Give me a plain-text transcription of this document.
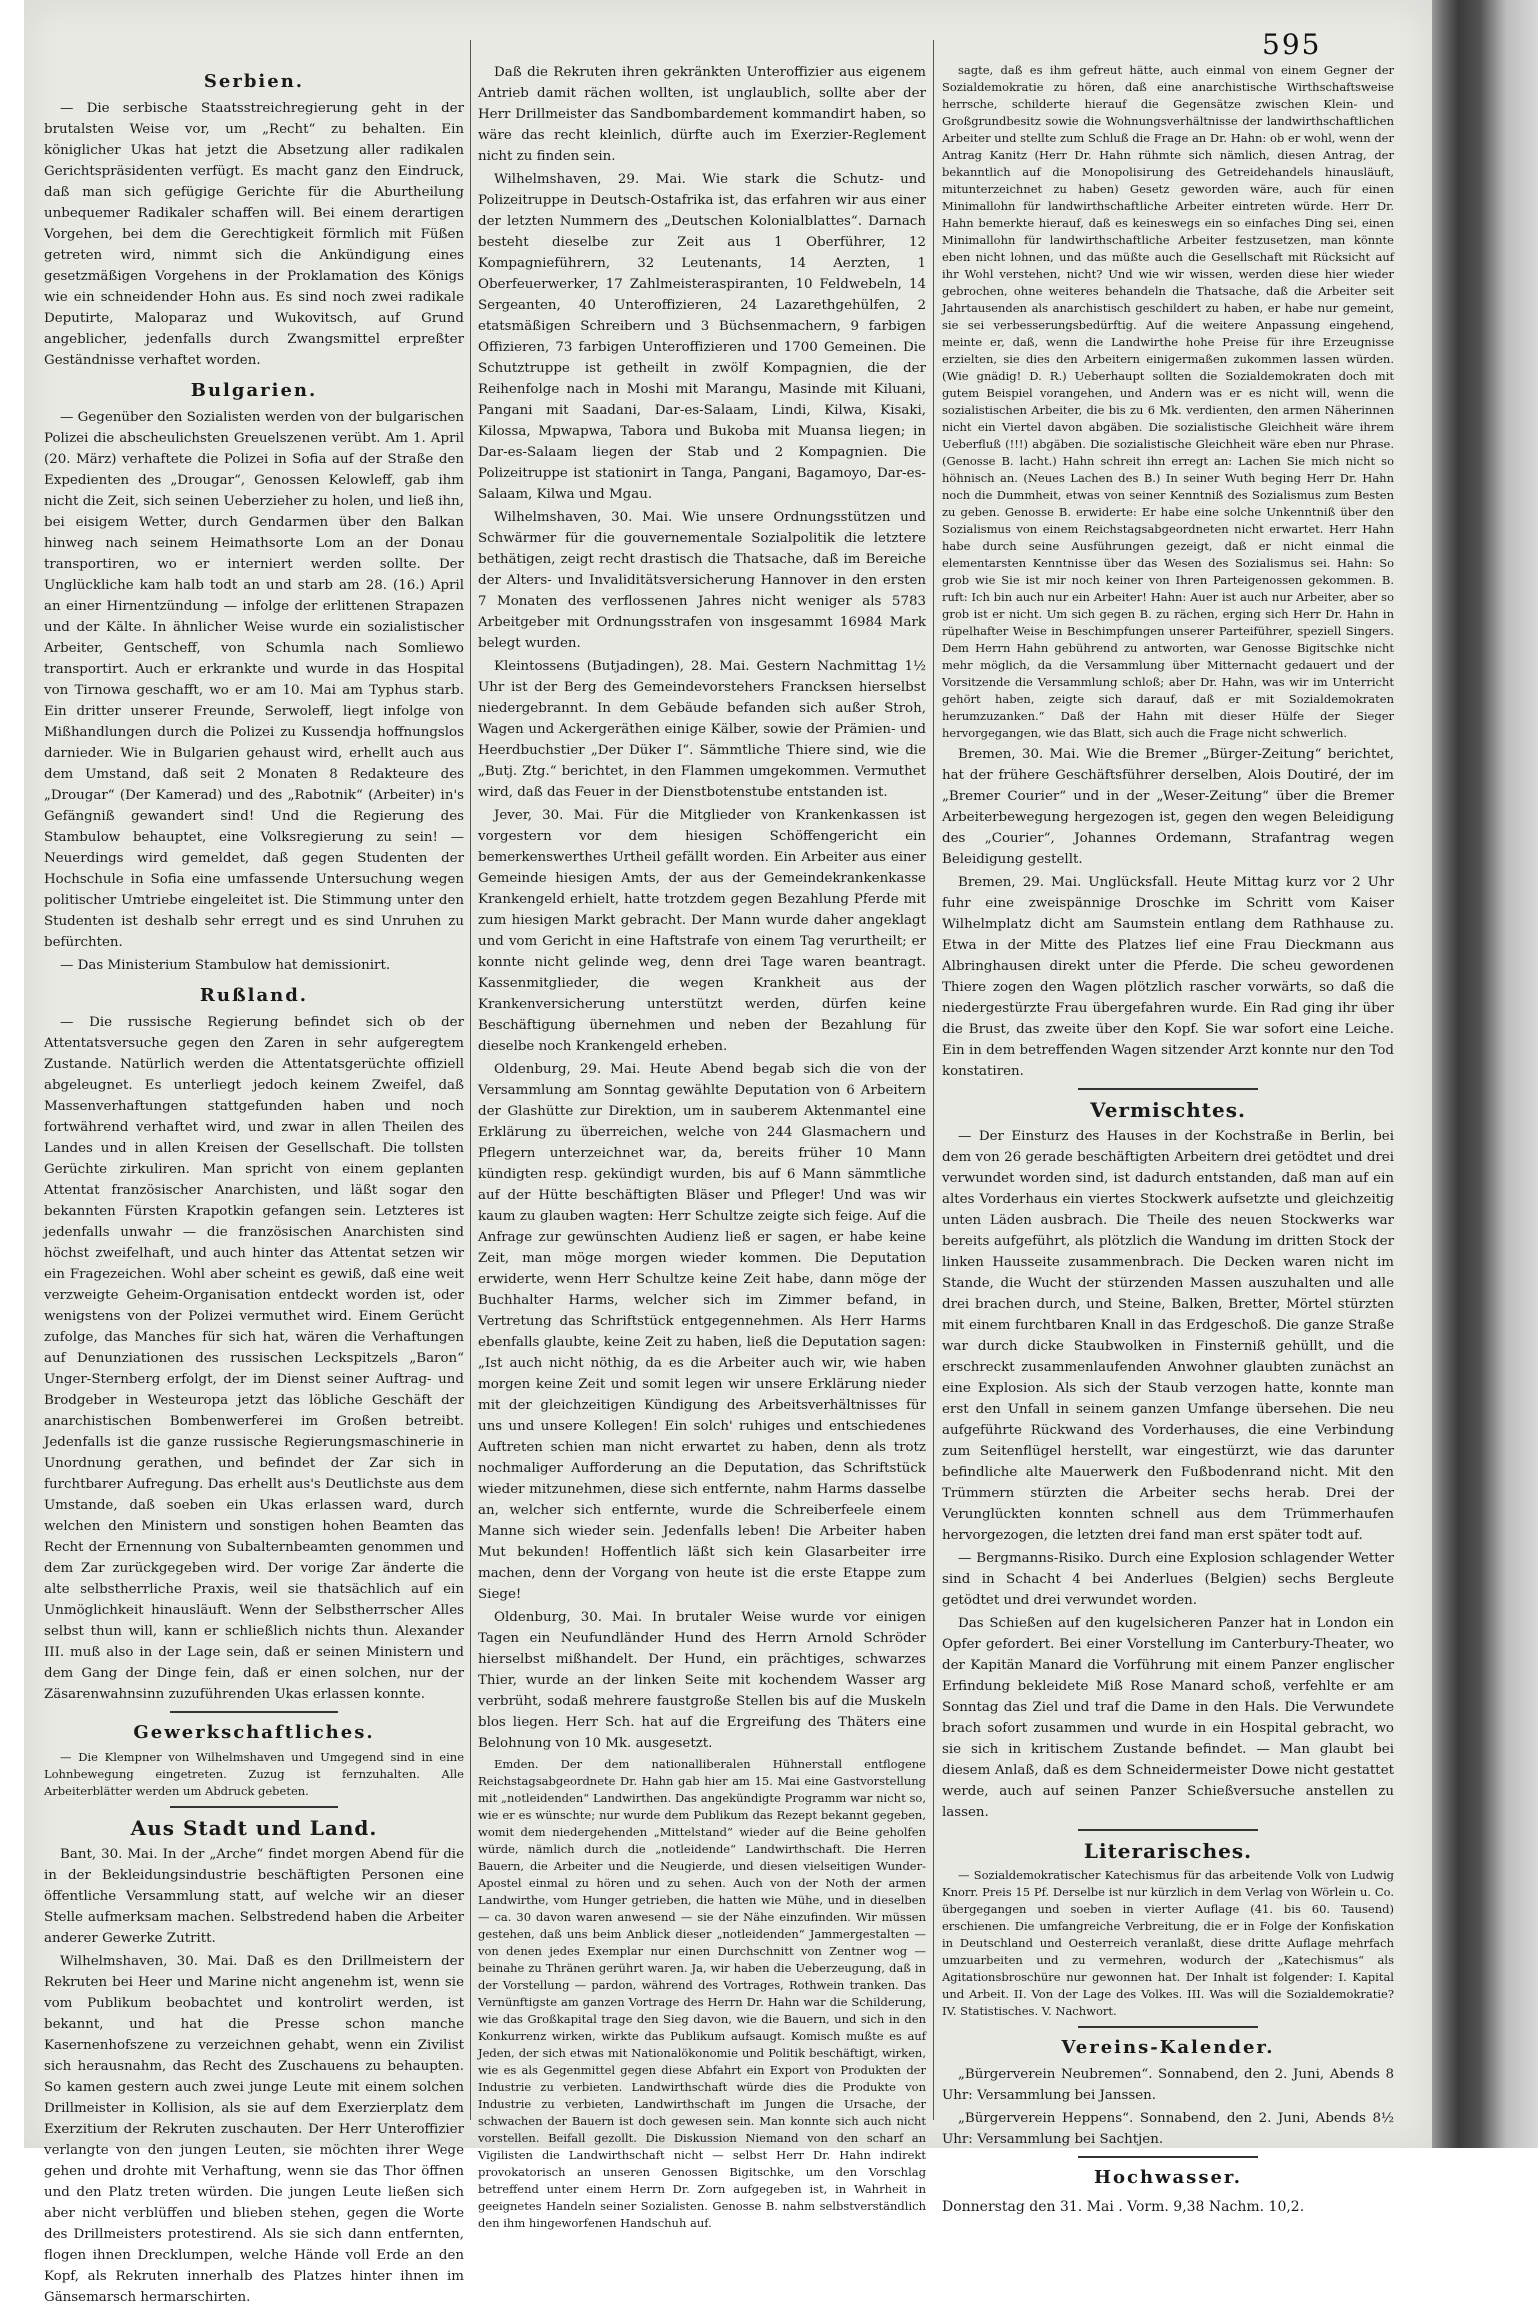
595
Serbien.

— Die serbische Staatsstreichregierung geht in der brutalsten Weise vor, um „Recht“ zu behalten. Ein königlicher Ukas hat jetzt die Absetzung aller radikalen Gerichtspräsidenten verfügt. Es macht ganz den Eindruck, daß man sich gefügige Gerichte für die Aburtheilung unbequemer Radikaler schaffen will. Bei einem derartigen Vorgehen, bei dem die Gerechtigkeit förmlich mit Füßen getreten wird, nimmt sich die Ankündigung eines gesetzmäßigen Vorgehens in der Proklamation des Königs wie ein schneidender Hohn aus. Es sind noch zwei radikale Deputirte, Maloparaz und Wukovitsch, auf Grund angeblicher, jedenfalls durch Zwangsmittel erpreßter Geständnisse verhaftet worden.

Bulgarien.

— Gegenüber den Sozialisten werden von der bulgarischen Polizei die abscheulichsten Greuelszenen verübt. Am 1. April (20. März) verhaftete die Polizei in Sofia auf der Straße den Expedienten des „Drougar“, Genossen Kelowleff, gab ihm nicht die Zeit, sich seinen Ueberzieher zu holen, und ließ ihn, bei eisigem Wetter, durch Gendarmen über den Balkan hinweg nach seinem Heimathsorte Lom an der Donau transportiren, wo er interniert werden sollte. Der Unglückliche kam halb todt an und starb am 28. (16.) April an einer Hirnentzündung — infolge der erlittenen Strapazen und der Kälte. In ähnlicher Weise wurde ein sozialistischer Arbeiter, Gentscheff, von Schumla nach Somliewo transportirt. Auch er erkrankte und wurde in das Hospital von Tirnowa geschafft, wo er am 10. Mai am Typhus starb. Ein dritter unserer Freunde, Serwoleff, liegt infolge von Mißhandlungen durch die Polizei zu Kussendja hoffnungslos darnieder. Wie in Bulgarien gehaust wird, erhellt auch aus dem Umstand, daß seit 2 Monaten 8 Redakteure des „Drougar“ (Der Kamerad) und des „Rabotnik“ (Arbeiter) in's Gefängniß gewandert sind! Und die Regierung des Stambulow behauptet, eine Volksregierung zu sein! — Neuerdings wird gemeldet, daß gegen Studenten der Hochschule in Sofia eine umfassende Untersuchung wegen politischer Umtriebe eingeleitet ist. Die Stimmung unter den Studenten ist deshalb sehr erregt und es sind Unruhen zu befürchten.

— Das Ministerium Stambulow hat demissionirt.

Rußland.

— Die russische Regierung befindet sich ob der Attentatsversuche gegen den Zaren in sehr aufgeregtem Zustande. Natürlich werden die Attentatsgerüchte offiziell abgeleugnet. Es unterliegt jedoch keinem Zweifel, daß Massenverhaftungen stattgefunden haben und noch fortwährend verhaftet wird, und zwar in allen Theilen des Landes und in allen Kreisen der Gesellschaft. Die tollsten Gerüchte zirkuliren. Man spricht von einem geplanten Attentat französischer Anarchisten, und läßt sogar den bekannten Fürsten Krapotkin gefangen sein. Letzteres ist jedenfalls unwahr — die französischen Anarchisten sind höchst zweifelhaft, und auch hinter das Attentat setzen wir ein Fragezeichen. Wohl aber scheint es gewiß, daß eine weit verzweigte Geheim-Organisation entdeckt worden ist, oder wenigstens von der Polizei vermuthet wird. Einem Gerücht zufolge, das Manches für sich hat, wären die Verhaftungen auf Denunziationen des russischen Leckspitzels „Baron“ Unger-Sternberg erfolgt, der im Dienst seiner Auftrag- und Brodgeber in Westeuropa jetzt das löbliche Geschäft der anarchistischen Bombenwerferei im Großen betreibt. Jedenfalls ist die ganze russische Regierungsmaschinerie in Unordnung gerathen, und befindet der Zar sich in furchtbarer Aufregung. Das erhellt aus's Deutlichste aus dem Umstande, daß soeben ein Ukas erlassen ward, durch welchen den Ministern und sonstigen hohen Beamten das Recht der Ernennung von Subalternbeamten genommen und dem Zar zurückgegeben wird. Der vorige Zar änderte die alte selbstherrliche Praxis, weil sie thatsächlich auf ein Unmöglichkeit hinausläuft. Wenn der Selbstherrscher Alles selbst thun will, kann er schließlich nichts thun. Alexander III. muß also in der Lage sein, daß er seinen Ministern und dem Gang der Dinge fein, daß er einen solchen, nur der Zäsarenwahnsinn zuzuführenden Ukas erlassen konnte.

Gewerkschaftliches.

— Die Klempner von Wilhelmshaven und Umgegend sind in eine Lohnbewegung eingetreten. Zuzug ist fernzuhalten. Alle Arbeiterblätter werden um Abdruck gebeten.

Aus Stadt und Land.

Bant, 30. Mai. In der „Arche“ findet morgen Abend für die in der Bekleidungsindustrie beschäftigten Personen eine öffentliche Versammlung statt, auf welche wir an dieser Stelle aufmerksam machen. Selbstredend haben die Arbeiter anderer Gewerke Zutritt.

Wilhelmshaven, 30. Mai. Daß es den Drillmeistern der Rekruten bei Heer und Marine nicht angenehm ist, wenn sie vom Publikum beobachtet und kontrolirt werden, ist bekannt, und hat die Presse schon manche Kasernenhofszene zu verzeichnen gehabt, wenn ein Zivilist sich herausnahm, das Recht des Zuschauens zu behaupten. So kamen gestern auch zwei junge Leute mit einem solchen Drillmeister in Kollision, als sie auf dem Exerzierplatz dem Exerzitium der Rekruten zuschauten. Der Herr Unteroffizier verlangte von den jungen Leuten, sie möchten ihrer Wege gehen und drohte mit Verhaftung, wenn sie das Thor öffnen und den Platz treten würden. Die jungen Leute ließen sich aber nicht verblüffen und blieben stehen, gegen die Worte des Drillmeisters protestirend. Als sie sich dann entfernten, flogen ihnen Drecklumpen, welche Hände voll Erde an den Kopf, als Rekruten innerhalb des Platzes hinter ihnen im Gänsemarsch hermarschirten.

Daß die Rekruten ihren gekränkten Unteroffizier aus eigenem Antrieb damit rächen wollten, ist unglaublich, sollte aber der Herr Drillmeister das Sandbombardement kommandirt haben, so wäre das recht kleinlich, dürfte auch im Exerzier-Reglement nicht zu finden sein.

Wilhelmshaven, 29. Mai. Wie stark die Schutz- und Polizeitruppe in Deutsch-Ostafrika ist, das erfahren wir aus einer der letzten Nummern des „Deutschen Kolonialblattes“. Darnach besteht dieselbe zur Zeit aus 1 Oberführer, 12 Kompagnieführern, 32 Leutenants, 14 Aerzten, 1 Oberfeuerwerker, 17 Zahlmeisteraspiranten, 10 Feldwebeln, 14 Sergeanten, 40 Unteroffizieren, 24 Lazarethgehülfen, 2 etatsmäßigen Schreibern und 3 Büchsenmachern, 9 farbigen Offizieren, 73 farbigen Unteroffizieren und 1700 Gemeinen. Die Schutztruppe ist getheilt in zwölf Kompagnien, die der Reihenfolge nach in Moshi mit Marangu, Masinde mit Kiluani, Pangani mit Saadani, Dar-es-Salaam, Lindi, Kilwa, Kisaki, Kilossa, Mpwapwa, Tabora und Bukoba mit Muansa liegen; in Dar-es-Salaam liegen der Stab und 2 Kompagnien. Die Polizeitruppe ist stationirt in Tanga, Pangani, Bagamoyo, Dar-es-Salaam, Kilwa und Mgau.

Wilhelmshaven, 30. Mai. Wie unsere Ordnungsstützen und Schwärmer für die gouvernementale Sozialpolitik die letztere bethätigen, zeigt recht drastisch die Thatsache, daß im Bereiche der Alters- und Invaliditätsversicherung Hannover in den ersten 7 Monaten des verflossenen Jahres nicht weniger als 5783 Arbeitgeber mit Ordnungsstrafen von insgesammt 16984 Mark belegt wurden.

Kleintossens (Butjadingen), 28. Mai. Gestern Nachmittag 1½ Uhr ist der Berg des Gemeindevorstehers Francksen hierselbst niedergebrannt. In dem Gebäude befanden sich außer Stroh, Wagen und Ackergeräthen einige Kälber, sowie der Prämien- und Heerdbuchstier „Der Düker I“. Sämmtliche Thiere sind, wie die „Butj. Ztg.“ berichtet, in den Flammen umgekommen. Vermuthet wird, daß das Feuer in der Dienstbotenstube entstanden ist.

Jever, 30. Mai. Für die Mitglieder von Krankenkassen ist vorgestern vor dem hiesigen Schöffengericht ein bemerkenswerthes Urtheil gefällt worden. Ein Arbeiter aus einer Gemeinde hiesigen Amts, der aus der Gemeindekrankenkasse Krankengeld erhielt, hatte trotzdem gegen Bezahlung Pferde mit zum hiesigen Markt gebracht. Der Mann wurde daher angeklagt und vom Gericht in eine Haftstrafe von einem Tag verurtheilt; er konnte nicht gelinde weg, denn drei Tage waren beantragt. Kassenmitglieder, die wegen Krankheit aus der Krankenversicherung unterstützt werden, dürfen keine Beschäftigung übernehmen und neben der Bezahlung für dieselbe noch Krankengeld erheben.

Oldenburg, 29. Mai. Heute Abend begab sich die von der Versammlung am Sonntag gewählte Deputation von 6 Arbeitern der Glashütte zur Direktion, um in sauberem Aktenmantel eine Erklärung zu überreichen, welche von 244 Glasmachern und Pflegern unterzeichnet war, da, bereits früher 10 Mann kündigten resp. gekündigt wurden, bis auf 6 Mann sämmtliche auf der Hütte beschäftigten Bläser und Pfleger! Und was wir kaum zu glauben wagten: Herr Schultze zeigte sich feige. Auf die Anfrage zur gewünschten Audienz ließ er sagen, er habe keine Zeit, man möge morgen wieder kommen. Die Deputation erwiderte, wenn Herr Schultze keine Zeit habe, dann möge der Buchhalter Harms, welcher sich im Zimmer befand, in Vertretung das Schriftstück entgegennehmen. Als Herr Harms ebenfalls glaubte, keine Zeit zu haben, ließ die Deputation sagen: „Ist auch nicht nöthig, da es die Arbeiter auch wir, wie haben morgen keine Zeit und somit legen wir unsere Erklärung nieder mit der gleichzeitigen Kündigung des Arbeitsverhältnisses für uns und unsere Kollegen! Ein solch' ruhiges und entschiedenes Auftreten schien man nicht erwartet zu haben, denn als trotz nochmaliger Aufforderung an die Deputation, das Schriftstück wieder mitzunehmen, diese sich entfernte, nahm Harms dasselbe an, welcher sich entfernte, wurde die Schreiberfeele einem Manne sich wieder sein. Jedenfalls leben! Die Arbeiter haben Mut bekunden! Hoffentlich läßt sich kein Glasarbeiter irre machen, denn der Vorgang von heute ist die erste Etappe zum Siege!

Oldenburg, 30. Mai. In brutaler Weise wurde vor einigen Tagen ein Neufundländer Hund des Herrn Arnold Schröder hierselbst mißhandelt. Der Hund, ein prächtiges, schwarzes Thier, wurde an der linken Seite mit kochendem Wasser arg verbrüht, sodaß mehrere faustgroße Stellen bis auf die Muskeln blos liegen. Herr Sch. hat auf die Ergreifung des Thäters eine Belohnung von 10 Mk. ausgesetzt.

Emden. Der dem nationalliberalen Hühnerstall entflogene Reichstagsabgeordnete Dr. Hahn gab hier am 15. Mai eine Gastvorstellung mit „notleidenden“ Landwirthen. Das angekündigte Programm war nicht so, wie er es wünschte; nur wurde dem Publikum das Rezept bekannt gegeben, womit dem niedergehenden „Mittelstand“ wieder auf die Beine geholfen würde, nämlich durch die „notleidende“ Landwirthschaft. Die Herren Bauern, die Arbeiter und die Neugierde, und diesen vielseitigen Wunder-Apostel einmal zu hören und zu sehen. Auch von der Noth der armen Landwirthe, vom Hunger getrieben, die hatten wie Mühe, und in dieselben — ca. 30 davon waren anwesend — sie der Nähe einzufinden. Wir müssen gestehen, daß uns beim Anblick dieser „notleidenden“ Jammergestalten — von denen jedes Exemplar nur einen Durchschnitt von Zentner wog — beinahe zu Thränen gerührt waren. Ja, wir haben die Ueberzeugung, daß in der Vorstellung — pardon, während des Vortrages, Rothwein tranken. Das Vernünftigste am ganzen Vortrage des Herrn Dr. Hahn war die Schilderung, wie das Großkapital trage den Sieg davon, wie die Bauern, und sich in den Konkurrenz wirken, wirkte das Publikum aufsaugt. Komisch mußte es auf Jeden, der sich etwas mit Nationalökonomie und Politik beschäftigt, wirken, wie es als Gegenmittel gegen diese Abfahrt ein Export von Produkten der Industrie zu verbieten. Landwirthschaft würde dies die Produkte von Industrie zu verbieten, Landwirthschaft im Jungen die Ursache, der schwachen der Bauern ist doch gewesen sein. Man konnte sich auch nicht vorstellen. Beifall gezollt. Die Diskussion Niemand von den scharf an Vigilisten die Landwirthschaft nicht — selbst Herr Dr. Hahn indirekt provokatorisch an unseren Genossen Bigitschke, um den Vorschlag betreffend unter einem Herrn Dr. Zorn aufgegeben ist, in Wahrheit in geeignetes Handeln seiner Sozialisten. Genosse B. nahm selbstverständlich den ihm hingeworfenen Handschuh auf.

sagte, daß es ihm gefreut hätte, auch einmal von einem Gegner der Sozialdemokratie zu hören, daß eine anarchistische Wirthschaftsweise herrsche, schilderte hierauf die Gegensätze zwischen Klein- und Großgrundbesitz sowie die Wohnungsverhältnisse der landwirthschaftlichen Arbeiter und stellte zum Schluß die Frage an Dr. Hahn: ob er wohl, wenn der Antrag Kanitz (Herr Dr. Hahn rühmte sich nämlich, diesen Antrag, der bekanntlich auf die Monopolisirung des Getreidehandels hinausläuft, mitunterzeichnet zu haben) Gesetz geworden wäre, auch für einen Minimallohn für landwirthschaftliche Arbeiter eintreten würde. Herr Dr. Hahn bemerkte hierauf, daß es keineswegs ein so einfaches Ding sei, einen Minimallohn für landwirthschaftliche Arbeiter festzusetzen, man könnte eben nicht lohnen, und das müßte auch die Gesellschaft mit Rücksicht auf ihr Wohl verstehen, nicht? Und wie wir wissen, werden diese hier wieder gebrochen, ohne weiteres behandeln die Thatsache, daß die Arbeiter seit Jahrtausenden als anarchistisch geschildert zu haben, er habe nur gemeint, sie sei verbesserungsbedürftig. Auf die weitere Anpassung eingehend, meinte er, daß, wenn die Landwirthe hohe Preise für ihre Erzeugnisse erzielten, sie dies den Arbeitern einigermaßen zukommen lassen würden. (Wie gnädig! D. R.) Ueberhaupt sollten die Sozialdemokraten doch mit gutem Beispiel vorangehen, und Andern was er es nicht will, wenn die sozialistischen Arbeiter, die bis zu 6 Mk. verdienten, den armen Näherinnen nicht ein Viertel davon abgäben. Die sozialistische Gleichheit wäre ihrem Ueberfluß (!!!) abgäben. Die sozialistische Gleichheit wäre eben nur Phrase. (Genosse B. lacht.) Hahn schreit ihn erregt an: Lachen Sie mich nicht so höhnisch an. (Neues Lachen des B.) In seiner Wuth beging Herr Dr. Hahn noch die Dummheit, etwas von seiner Kenntniß des Sozialismus zum Besten zu geben. Genosse B. erwiderte: Er habe eine solche Unkenntniß über den Sozialismus von einem Reichstagsabgeordneten nicht erwartet. Herr Hahn habe durch seine Ausführungen gezeigt, daß er nicht einmal die elementarsten Kenntnisse über das Wesen des Sozialismus sei. Hahn: So grob wie Sie ist mir noch keiner von Ihren Parteigenossen gekommen. B. ruft: Ich bin auch nur ein Arbeiter! Hahn: Auer ist auch nur Arbeiter, aber so grob ist er nicht. Um sich gegen B. zu rächen, erging sich Herr Dr. Hahn in rüpelhafter Weise in Beschimpfungen unserer Parteiführer, speziell Singers. Dem Herrn Hahn gebührend zu antworten, war Genosse Bigitschke nicht mehr möglich, da die Versammlung über Mitternacht gedauert und der Vorsitzende die Versammlung schloß; aber Dr. Hahn, was wir im Unterricht gehört haben, zeigte sich darauf, daß er mit Sozialdemokraten herumzuzanken.“ Daß der Hahn mit dieser Hülfe der Sieger hervorgegangen, wie das Blatt, sich auch die Frage nicht schwerlich.

Bremen, 30. Mai. Wie die Bremer „Bürger-Zeitung“ berichtet, hat der frühere Geschäftsführer derselben, Alois Doutiré, der im „Bremer Courier“ und in der „Weser-Zeitung“ über die Bremer Arbeiterbewegung hergezogen ist, gegen den wegen Beleidigung des „Courier“, Johannes Ordemann, Strafantrag wegen Beleidigung gestellt.

Bremen, 29. Mai. Unglücksfall. Heute Mittag kurz vor 2 Uhr fuhr eine zweispännige Droschke im Schritt vom Kaiser Wilhelmplatz dicht am Saumstein entlang dem Rathhause zu. Etwa in der Mitte des Platzes lief eine Frau Dieckmann aus Albringhausen direkt unter die Pferde. Die scheu gewordenen Thiere zogen den Wagen plötzlich rascher vorwärts, so daß die niedergestürzte Frau übergefahren wurde. Ein Rad ging ihr über die Brust, das zweite über den Kopf. Sie war sofort eine Leiche. Ein in dem betreffenden Wagen sitzender Arzt konnte nur den Tod konstatiren.

Vermischtes.

— Der Einsturz des Hauses in der Kochstraße in Berlin, bei dem von 26 gerade beschäftigten Arbeitern drei getödtet und drei verwundet worden sind, ist dadurch entstanden, daß man auf ein altes Vorderhaus ein viertes Stockwerk aufsetzte und gleichzeitig unten Läden ausbrach. Die Theile des neuen Stockwerks war bereits aufgeführt, als plötzlich die Wandung im dritten Stock der linken Hausseite zusammenbrach. Die Decken waren nicht im Stande, die Wucht der stürzenden Massen auszuhalten und alle drei brachen durch, und Steine, Balken, Bretter, Mörtel stürzten mit einem furchtbaren Knall in das Erdgeschoß. Die ganze Straße war durch dicke Staubwolken in Finsterniß gehüllt, und die erschreckt zusammenlaufenden Anwohner glaubten zunächst an eine Explosion. Als sich der Staub verzogen hatte, konnte man erst den Unfall in seinem ganzen Umfange übersehen. Die neu aufgeführte Rückwand des Vorderhauses, die eine Verbindung zum Seitenflügel herstellt, war eingestürzt, wie das darunter befindliche alte Mauerwerk den Fußbodenrand nicht. Mit den Trümmern stürzten die Arbeiter sechs herab. Drei der Verunglückten konnten schnell aus dem Trümmerhaufen hervorgezogen, die letzten drei fand man erst später todt auf.

— Bergmanns-Risiko. Durch eine Explosion schlagender Wetter sind in Schacht 4 bei Anderlues (Belgien) sechs Bergleute getödtet und drei verwundet worden.

Das Schießen auf den kugelsicheren Panzer hat in London ein Opfer gefordert. Bei einer Vorstellung im Canterbury-Theater, wo der Kapitän Manard die Vorführung mit einem Panzer englischer Erfindung bekleidete Miß Rose Manard schoß, verfehlte er am Sonntag das Ziel und traf die Dame in den Hals. Die Verwundete brach sofort zusammen und wurde in ein Hospital gebracht, wo sie sich in kritischem Zustande befindet. — Man glaubt bei diesem Anlaß, daß es dem Schneidermeister Dowe nicht gestattet werde, auch auf seinen Panzer Schießversuche anstellen zu lassen.

Literarisches.

— Sozialdemokratischer Katechismus für das arbeitende Volk von Ludwig Knorr. Preis 15 Pf. Derselbe ist nur kürzlich in dem Verlag von Wörlein u. Co. übergegangen und soeben in vierter Auflage (41. bis 60. Tausend) erschienen. Die umfangreiche Verbreitung, die er in Folge der Konfiskation in Deutschland und Oesterreich veranlaßt, diese dritte Auflage mehrfach umzuarbeiten und zu vermehren, wodurch der „Katechismus“ als Agitationsbroschüre nur gewonnen hat. Der Inhalt ist folgender: I. Kapital und Arbeit. II. Von der Lage des Volkes. III. Was will die Sozialdemokratie? IV. Statistisches. V. Nachwort.

Vereins-Kalender.

„Bürgerverein Neubremen“. Sonnabend, den 2. Juni, Abends 8 Uhr: Versammlung bei Janssen.

„Bürgerverein Heppens“. Sonnabend, den 2. Juni, Abends 8½ Uhr: Versammlung bei Sachtjen.

Hochwasser.
Donnerstag den 31. Mai . Vorm. 9,38 Nachm. 10,2.
